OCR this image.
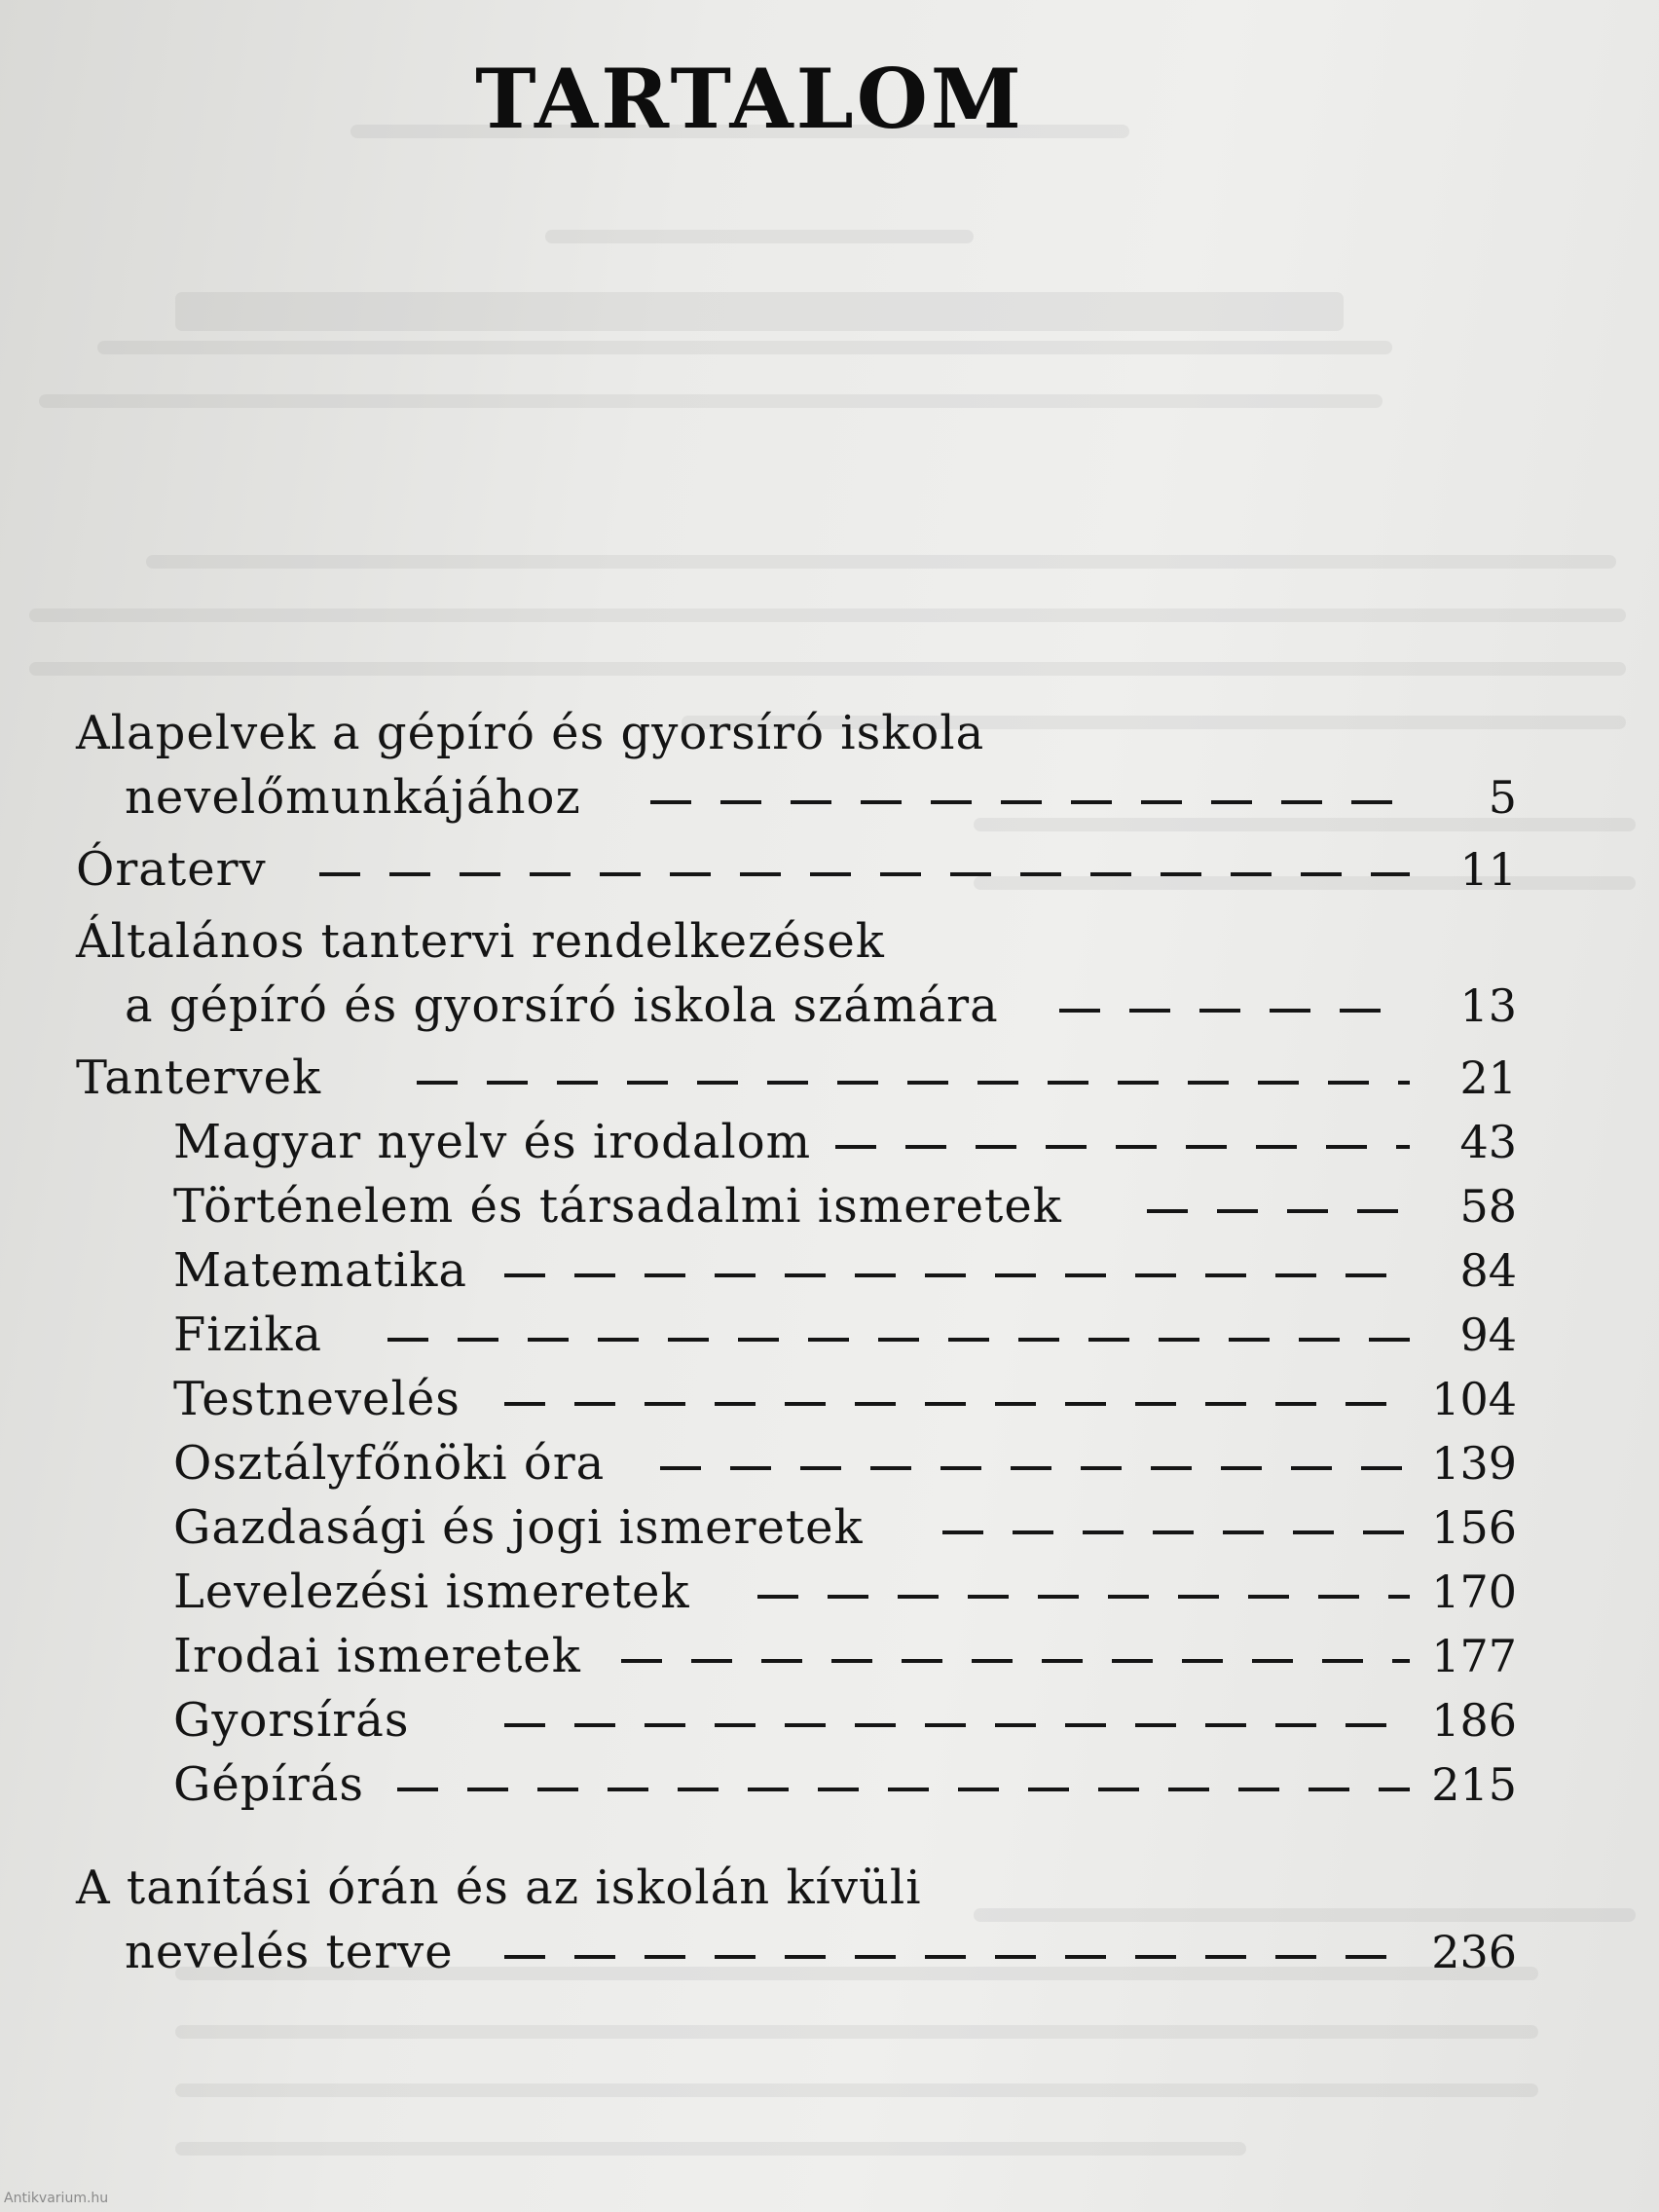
TARTALOM
Alapelvek a gépíró és gyorsíró iskola
nevelőmunkájához	5
Óraterv	11
Általános tantervi rendelkezések
a gépíró és gyorsíró iskola számára	13
Tantervek	21
Magyar nyelv és irodalom	43
Történelem és társadalmi ismeretek	58
Matematika	84
Fizika	94
Testnevelés	104
Osztályfőnöki óra	139
Gazdasági és jogi ismeretek	156
Levelezési ismeretek	170
Irodai ismeretek	177
Gyorsírás	186
Gépírás	215
A tanítási órán és az iskolán kívüli
nevelés terve	236
Antikvarium.hu
